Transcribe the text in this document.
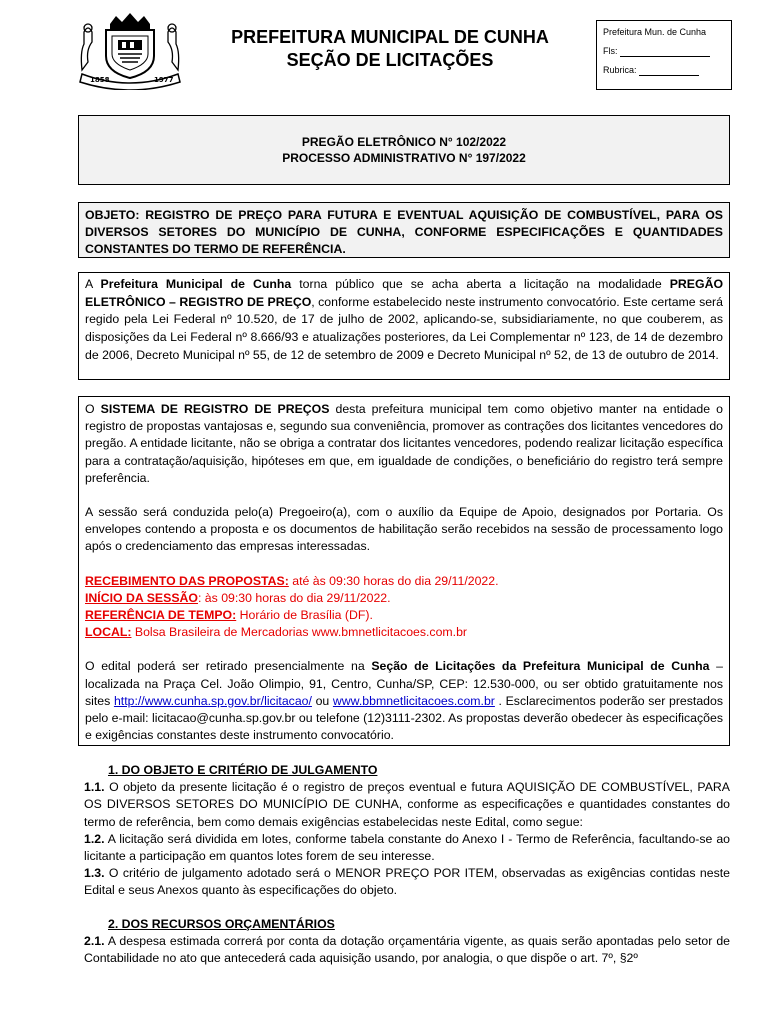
1858	1977
PREFEITURA MUNICIPAL DE CUNHA
SEÇÃO DE LICITAÇÕES
Prefeitura Mun. de Cunha
Fls:
Rubrica:
PREGÃO ELETRÔNICO N° 102/2022
PROCESSO ADMINISTRATIVO N° 197/2022
OBJETO: REGISTRO DE PREÇO PARA FUTURA E EVENTUAL AQUISIÇÃO DE COMBUSTÍVEL, PARA OS DIVERSOS SETORES DO MUNICÍPIO DE CUNHA, CONFORME ESPECIFICAÇÕES E QUANTIDADES CONSTANTES DO TERMO DE REFERÊNCIA.
A Prefeitura Municipal de Cunha torna público que se acha aberta a licitação na modalidade PREGÃO ELETRÔNICO – REGISTRO DE PREÇO, conforme estabelecido neste instrumento convocatório. Este certame será regido pela Lei Federal nº 10.520, de 17 de julho de 2002, aplicando-se, subsidiariamente, no que couberem, as disposições da Lei Federal nº 8.666/93 e atualizações posteriores, da Lei Complementar nº 123, de 14 de dezembro de 2006, Decreto Municipal nº 55, de 12 de setembro de 2009 e Decreto Municipal nº 52, de 13 de outubro de 2014.

O SISTEMA DE REGISTRO DE PREÇOS desta prefeitura municipal tem como objetivo manter na entidade o registro de propostas vantajosas e, segundo sua conveniência, promover as contrações dos licitantes vencedores do pregão. A entidade licitante, não se obriga a contratar dos licitantes vencedores, podendo realizar licitação específica para a contratação/aquisição, hipóteses em que, em igualdade de condições, o beneficiário do registro terá sempre preferência.

A sessão será conduzida pelo(a) Pregoeiro(a), com o auxílio da Equipe de Apoio, designados por Portaria. Os envelopes contendo a proposta e os documentos de habilitação serão recebidos na sessão de processamento logo após o credenciamento das empresas interessadas.

RECEBIMENTO DAS PROPOSTAS: até às 09:30 horas do dia 29/11/2022.
INÍCIO DA SESSÃO: às 09:30 horas do dia 29/11/2022.
REFERÊNCIA DE TEMPO: Horário de Brasília (DF).
LOCAL: Bolsa Brasileira de Mercadorias www.bmnetlicitacoes.com.br

O edital poderá ser retirado presencialmente na Seção de Licitações da Prefeitura Municipal de Cunha – localizada na Praça Cel. João Olimpio, 91, Centro, Cunha/SP, CEP: 12.530-000, ou ser obtido gratuitamente nos sites http://www.cunha.sp.gov.br/licitacao/ ou www.bbmnetlicitacoes.com.br . Esclarecimentos poderão ser prestados pelo e-mail: licitacao@cunha.sp.gov.br ou telefone (12)3111-2302. As propostas deverão obedecer às especificações e exigências constantes deste instrumento convocatório.

1. DO OBJETO E CRITÉRIO DE JULGAMENTO

1.1. O objeto da presente licitação é o registro de preços eventual e futura AQUISIÇÃO DE COMBUSTÍVEL, PARA OS DIVERSOS SETORES DO MUNICÍPIO DE CUNHA, conforme as especificações e quantidades constantes do termo de referência, bem como demais exigências estabelecidas neste Edital, como segue:

1.2. A licitação será dividida em lotes, conforme tabela constante do Anexo I - Termo de Referência, facultando-se ao licitante a participação em quantos lotes forem de seu interesse.

1.3. O critério de julgamento adotado será o MENOR PREÇO POR ITEM, observadas as exigências contidas neste Edital e seus Anexos quanto às especificações do objeto.

2. DOS RECURSOS ORÇAMENTÁRIOS

2.1. A despesa estimada correrá por conta da dotação orçamentária vigente, as quais serão apontadas pelo setor de Contabilidade no ato que antecederá cada aquisição usando, por analogia, o que dispõe o art. 7º, §2º
